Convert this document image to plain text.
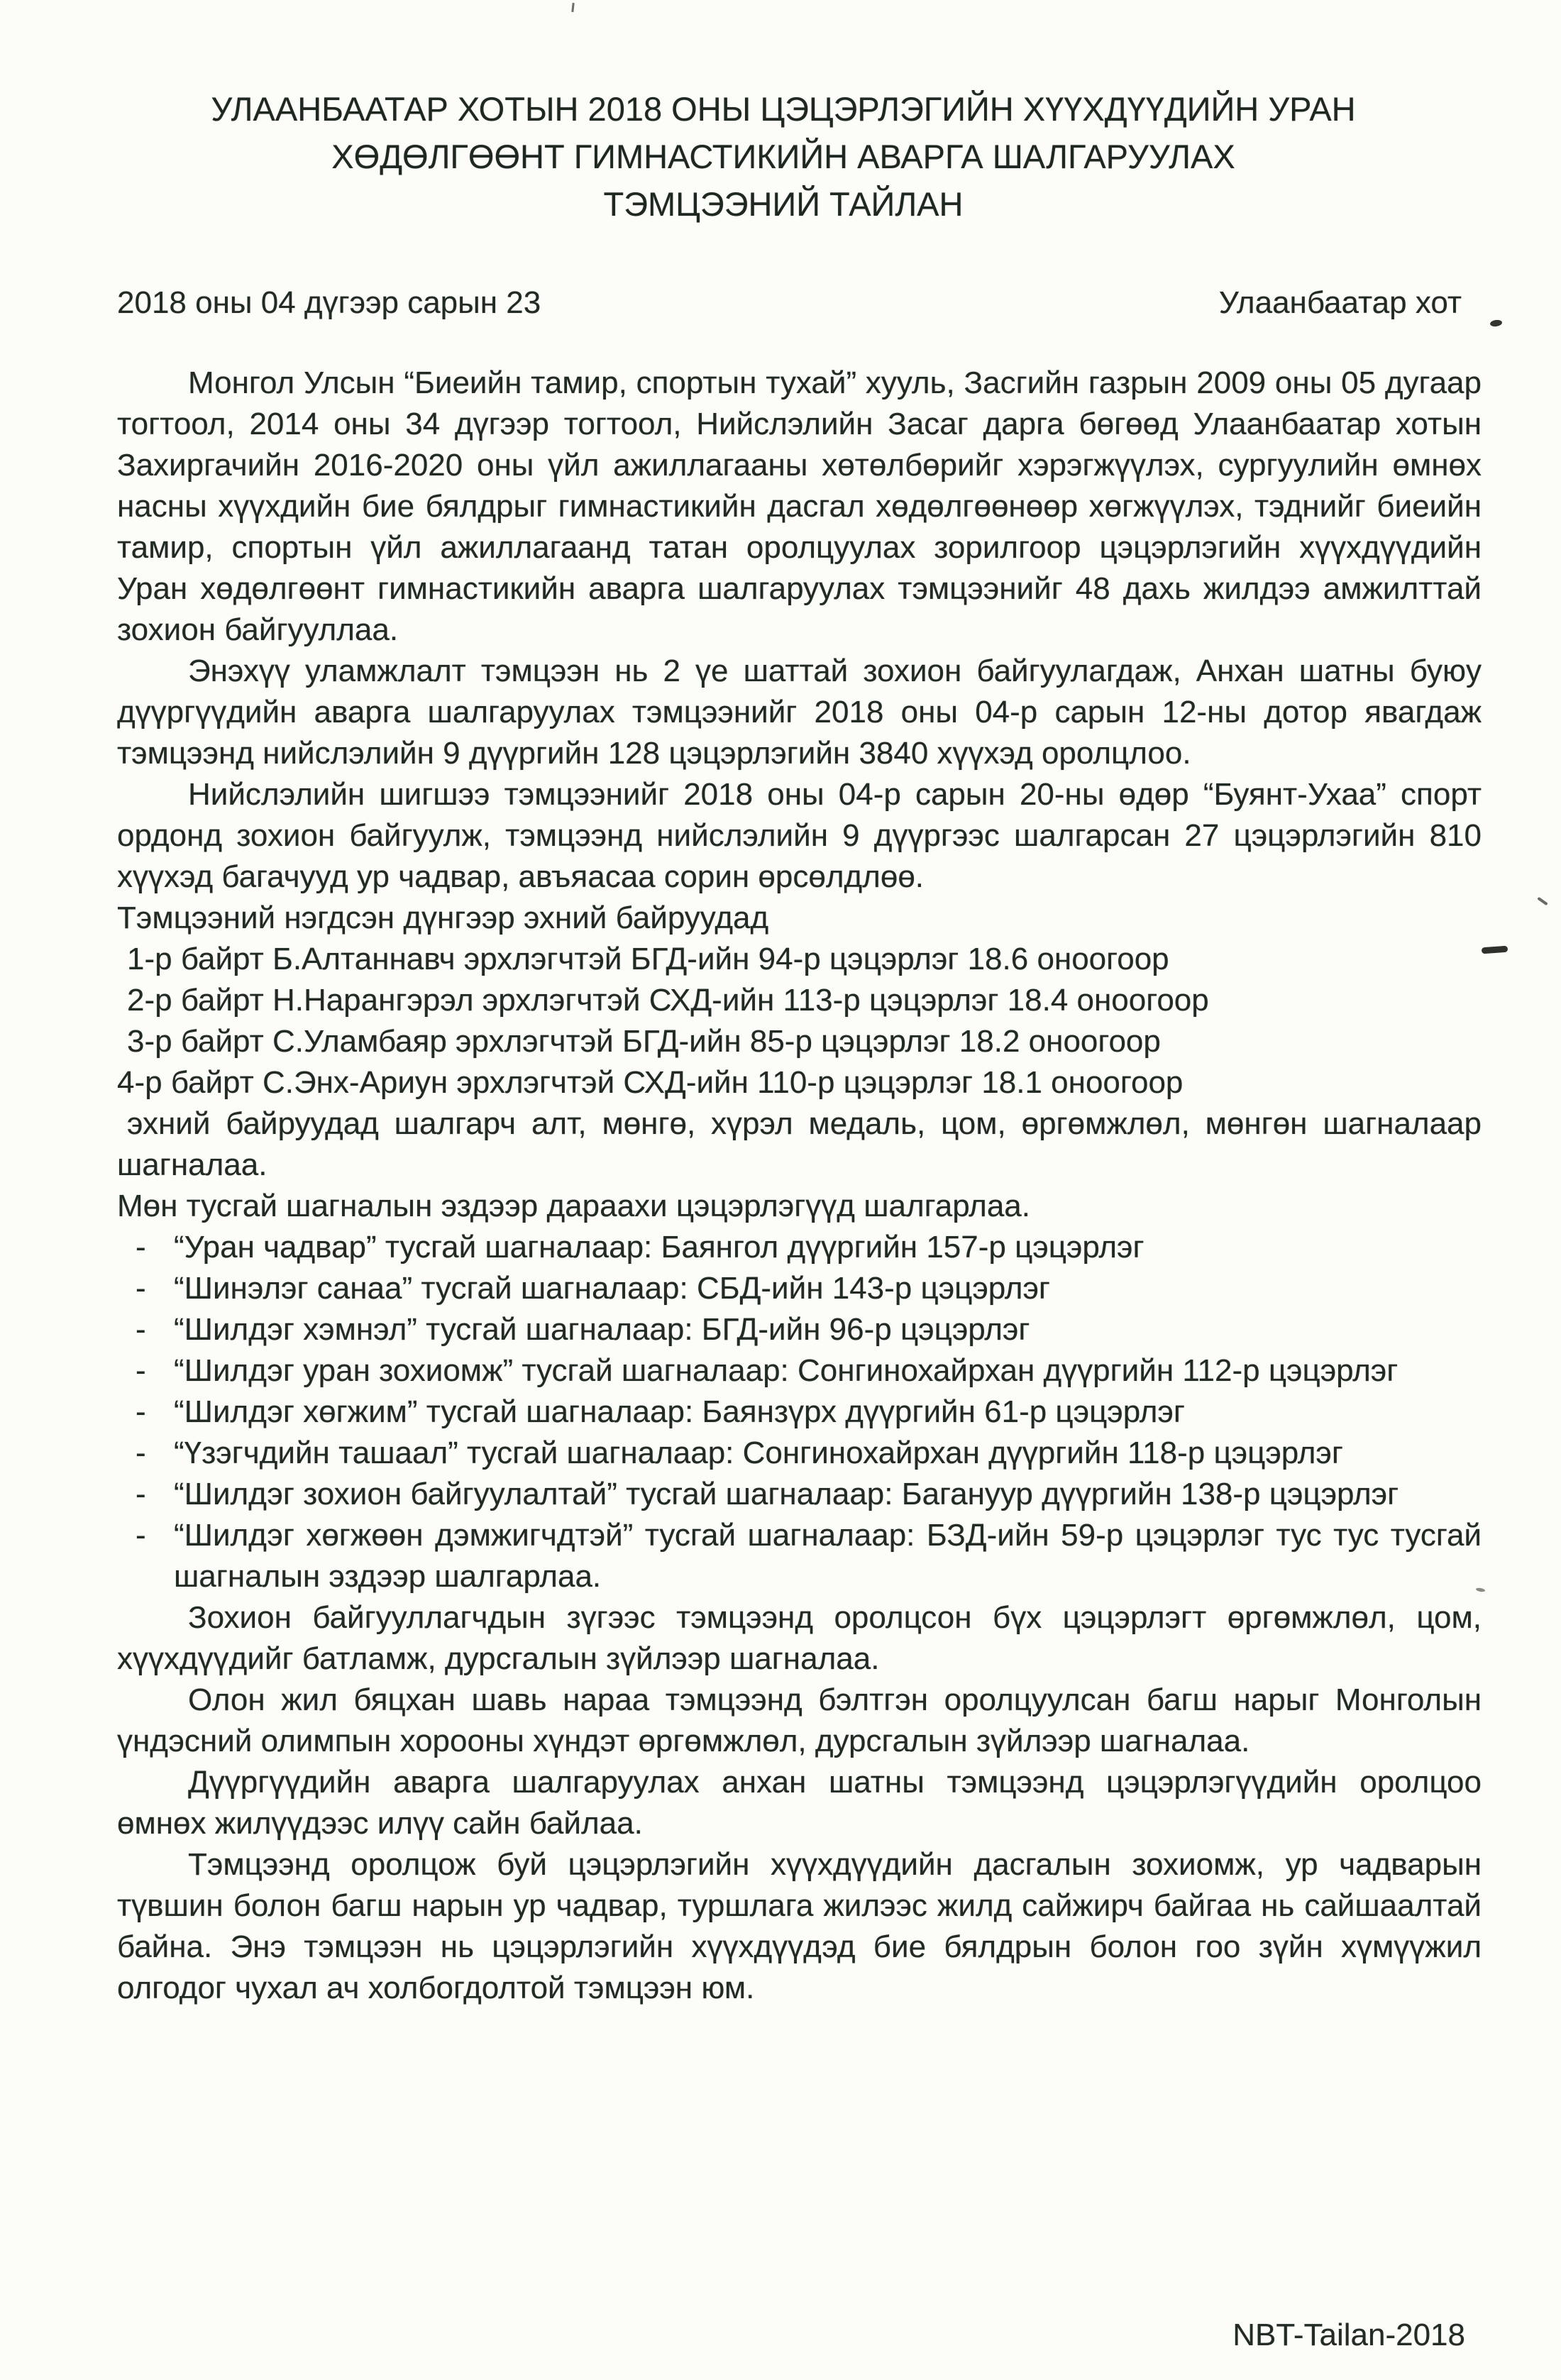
УЛААНБААТАР ХОТЫН 2018 ОНЫ ЦЭЦЭРЛЭГИЙН ХҮҮХДҮҮДИЙН УРАН
ХӨДӨЛГӨӨНТ ГИМНАСТИКИЙН АВАРГА ШАЛГАРУУЛАХ
ТЭМЦЭЭНИЙ ТАЙЛАН
2018 оны 04 дүгээр сарын 23	Улаанбаатар хот

Монгол Улсын “Биеийн тамир, спортын тухай” хууль, Засгийн газрын 2009 оны 05 дугаар тогтоол, 2014 оны 34 дүгээр тогтоол, Нийслэлийн Засаг дарга бөгөөд Улаанбаатар хотын Захиргачийн 2016-2020 оны үйл ажиллагааны хөтөлбөрийг хэрэгжүүлэх, сургуулийн өмнөх насны хүүхдийн бие бялдрыг гимнастикийн дасгал хөдөлгөөнөөр хөгжүүлэх, тэднийг биеийн тамир, спортын үйл ажиллагаанд татан оролцуулах зорилгоор цэцэрлэгийн хүүхдүүдийн Уран хөдөлгөөнт гимнастикийн аварга шалгаруулах тэмцээнийг 48 дахь жилдээ амжилттай зохион байгууллаа.

Энэхүү уламжлалт тэмцээн нь 2 үе шаттай зохион байгуулагдаж, Анхан шатны буюу дүүргүүдийн аварга шалгаруулах тэмцээнийг 2018 оны 04-р сарын 12-ны дотор явагдаж тэмцээнд нийслэлийн 9 дүүргийн 128 цэцэрлэгийн 3840 хүүхэд оролцлоо.

Нийслэлийн шигшээ тэмцээнийг 2018 оны 04-р сарын 20-ны өдөр “Буянт-Ухаа” спорт ордонд зохион байгуулж, тэмцээнд нийслэлийн 9 дүүргээс шалгарсан 27 цэцэрлэгийн 810 хүүхэд багачууд ур чадвар, авъяасаа сорин өрсөлдлөө.

Тэмцээний нэгдсэн дүнгээр эхний байруудад

1-р байрт Б.Алтаннавч эрхлэгчтэй БГД-ийн 94-р цэцэрлэг 18.6 оноогоор

2-р байрт Н.Нарангэрэл эрхлэгчтэй СХД-ийн 113-р цэцэрлэг 18.4 оноогоор

3-р байрт С.Уламбаяр эрхлэгчтэй БГД-ийн 85-р цэцэрлэг 18.2 оноогоор

4-р байрт С.Энх-Ариун эрхлэгчтэй СХД-ийн 110-р цэцэрлэг 18.1 оноогоор

эхний байруудад шалгарч алт, мөнгө, хүрэл медаль, цом, өргөмжлөл, мөнгөн шагналаар шагналаа.

Мөн тусгай шагналын эздээр дараахи цэцэрлэгүүд шалгарлаа.

- “Уран чадвар” тусгай шагналаар: Баянгол дүүргийн 157-р цэцэрлэг
- “Шинэлэг санаа” тусгай шагналаар: СБД-ийн 143-р цэцэрлэг
- “Шилдэг хэмнэл” тусгай шагналаар: БГД-ийн 96-р цэцэрлэг
- “Шилдэг уран зохиомж” тусгай шагналаар: Сонгинохайрхан дүүргийн 112-р цэцэрлэг
- “Шилдэг хөгжим” тусгай шагналаар: Баянзүрх дүүргийн 61-р цэцэрлэг
- “Үзэгчдийн ташаал” тусгай шагналаар: Сонгинохайрхан дүүргийн 118-р цэцэрлэг
- “Шилдэг зохион байгуулалтай” тусгай шагналаар: Багануур дүүргийн 138-р цэцэрлэг
- “Шилдэг хөгжөөн дэмжигчдтэй” тусгай шагналаар: БЗД-ийн 59-р цэцэрлэг тус тус тусгай шагналын эздээр шалгарлаа.

Зохион байгууллагчдын зүгээс тэмцээнд оролцсон бүх цэцэрлэгт өргөмжлөл, цом, хүүхдүүдийг батламж, дурсгалын зүйлээр шагналаа.

Олон жил бяцхан шавь нараа тэмцээнд бэлтгэн оролцуулсан багш нарыг Монголын үндэсний олимпын хорооны хүндэт өргөмжлөл, дурсгалын зүйлээр шагналаа.

Дүүргүүдийн аварга шалгаруулах анхан шатны тэмцээнд цэцэрлэгүүдийн оролцоо өмнөх жилүүдээс илүү сайн байлаа.

Тэмцээнд оролцож буй цэцэрлэгийн хүүхдүүдийн дасгалын зохиомж, ур чадварын түвшин болон багш нарын ур чадвар, туршлага жилээс жилд сайжирч байгаа нь сайшаалтай байна. Энэ тэмцээн нь цэцэрлэгийн хүүхдүүдэд бие бялдрын болон гоо зүйн хүмүүжил олгодог чухал ач холбогдолтой тэмцээн юм.

NBT-Tailan-2018
